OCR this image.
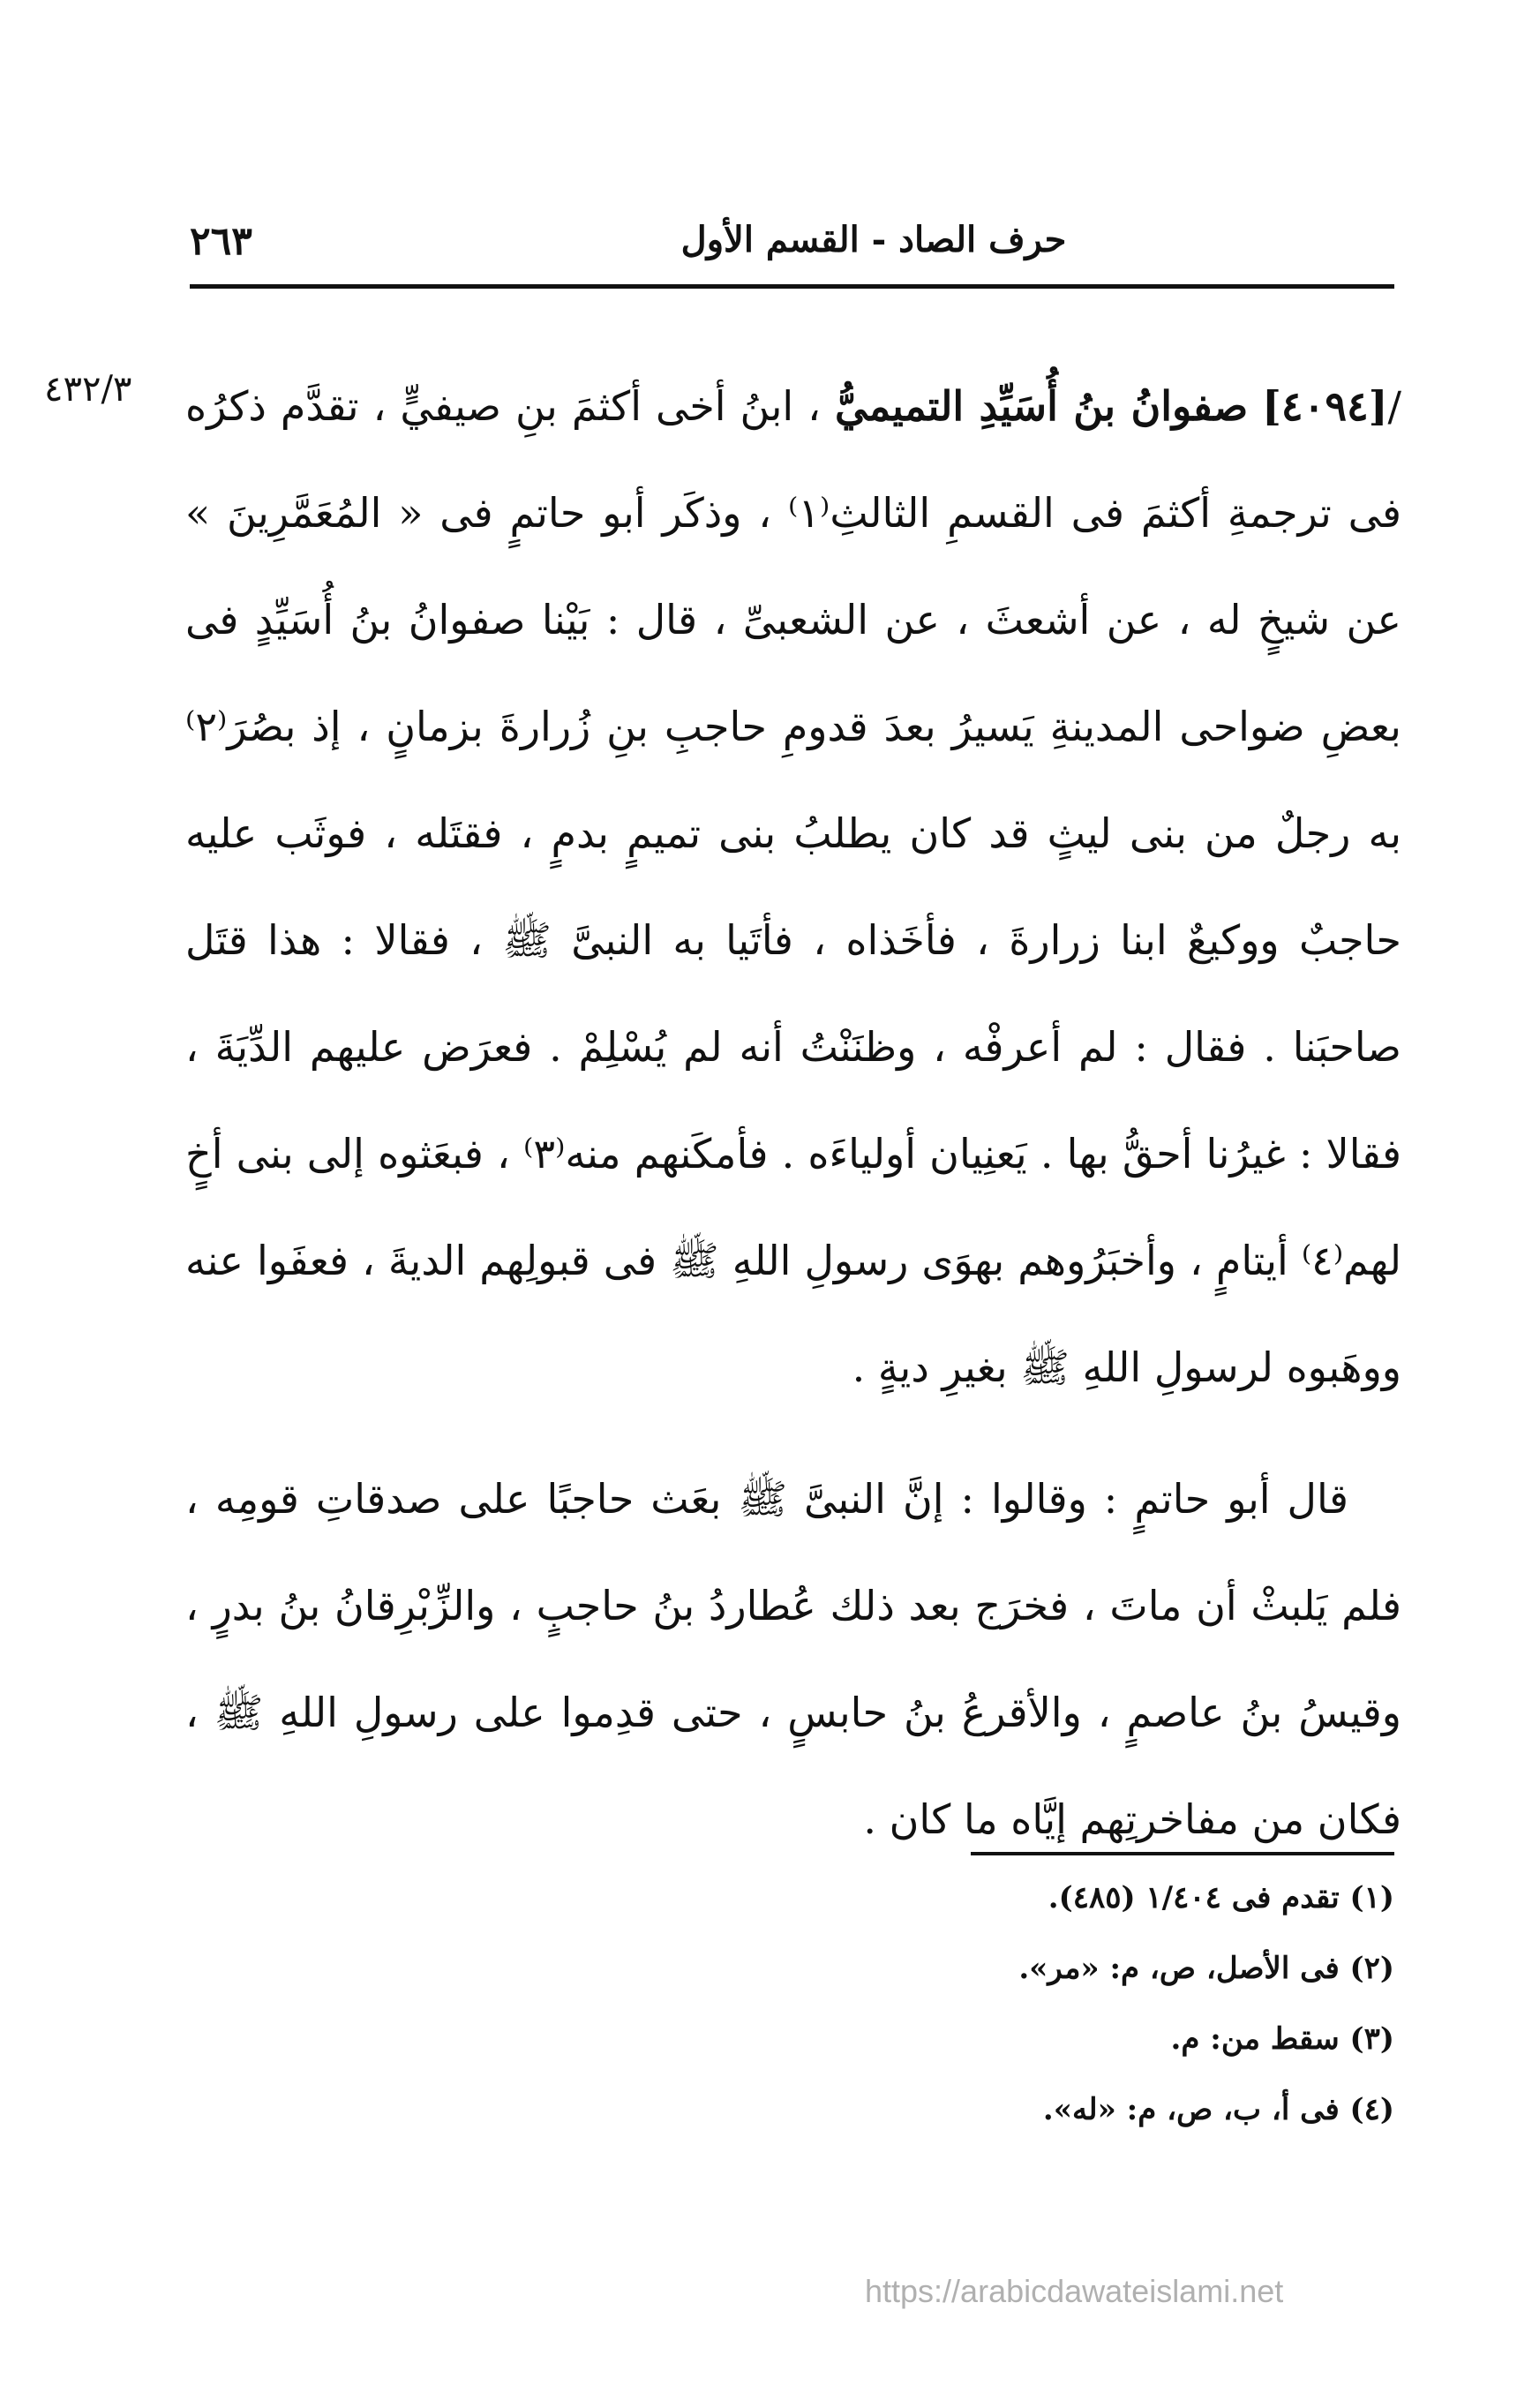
٢٦٣	حرف الصاد - القسم الأول
٤٣٢/٣	/[٤٠٩٤] صفوانُ بنُ أُسَيِّدِ التميميُّ ، ابنُ أخى أكثمَ بنِ صيفيٍّ ، تقدَّم ذكرُه فى ترجمةِ أكثمَ فى القسمِ الثالثِ⁽١⁾ ، وذكَر أبو حاتمٍ فى « المُعَمَّرِينَ » عن شيخٍ له ، عن أشعثَ ، عن الشعبىِّ ، قال : بَيْنا صفوانُ بنُ أُسَيِّدٍ فى بعضِ ضواحى المدينةِ يَسيرُ بعدَ قدومِ حاجبِ بنِ زُرارةَ بزمانٍ ، إذ بصُرَ⁽٢⁾ به رجلٌ من بنى ليثٍ قد كان يطلبُ بنى تميمٍ بدمٍ ، فقتَله ، فوثَب عليه حاجبٌ ووكيعٌ ابنا زرارةَ ، فأخَذاه ، فأتَيا به النبىَّ ﷺ ، فقالا : هذا قتَل صاحبَنا . فقال : لم أعرفْه ، وظنَنْتُ أنه لم يُسْلِمْ . فعرَض عليهم الدِّيَةَ ، فقالا : غيرُنا أحقُّ بها . يَعنِيان أولياءَه . فأمكَنهم منه⁽٣⁾ ، فبعَثوه إلى بنى أخٍ لهم⁽٤⁾ أيتامٍ ، وأخبَرُوهم بهوَى رسولِ اللهِ ﷺ فى قبولِهم الديةَ ، فعفَوا عنه ووهَبوه لرسولِ اللهِ ﷺ بغيرِ ديةٍ .

قال أبو حاتمٍ : وقالوا : إنَّ النبىَّ ﷺ بعَث حاجبًا على صدقاتِ قومِه ، فلم يَلبثْ أن ماتَ ، فخرَج بعد ذلك عُطاردُ بنُ حاجبٍ ، والزِّبْرِقانُ بنُ بدرٍ ، وقيسُ بنُ عاصمٍ ، والأقرعُ بنُ حابسٍ ، حتى قدِموا على رسولِ اللهِ ﷺ ، فكان من مفاخرتِهم إيَّاه ما كان .

(١) تقدم فى ١/٤٠٤ (٤٨٥).

(٢) فى الأصل، ص، م: «مر».

(٣) سقط من: م.

(٤) فى أ، ب، ص، م: «له».

https://arabicdawateislami.net
